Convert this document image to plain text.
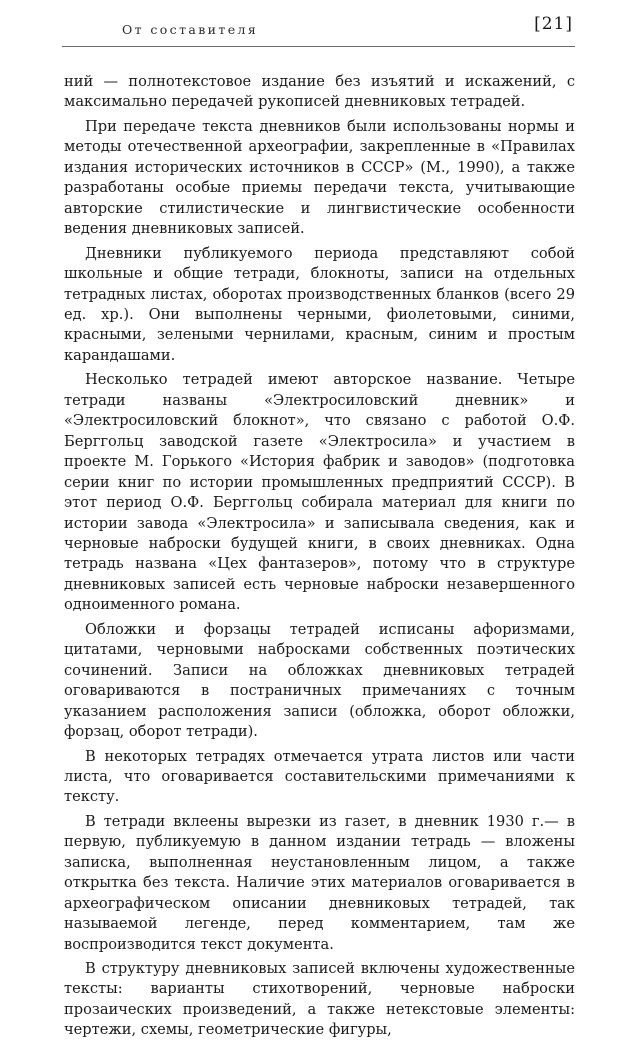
От составителя	[21]

ний — полнотекстовое издание без изъятий и искажений, с максимально передачей рукописей дневниковых тетрадей.

При передаче текста дневников были использованы нормы и методы отечественной археографии, закрепленные в «Правилах издания исторических источников в СССР» (М., 1990), а также разработаны особые приемы передачи текста, учитывающие авторские стилистические и лингвистические особенности ведения дневниковых записей.

Дневники публикуемого периода представляют собой школьные и общие тетради, блокноты, записи на отдельных тетрадных листах, оборотах производственных бланков (всего 29 ед. хр.). Они выполнены черными, фиолетовыми, синими, красными, зелеными чернилами, красным, синим и простым карандашами.

Несколько тетрадей имеют авторское название. Четыре тетради названы «Электросиловский дневник» и «Электросиловский блокнот», что связано с работой О.Ф. Берггольц заводской газете «Электросила» и участием в проекте М. Горького «История фабрик и заводов» (подготовка серии книг по истории промышленных предприятий СССР). В этот период О.Ф. Берггольц собирала материал для книги по истории завода «Электросила» и записывала сведения, как и черновые наброски будущей книги, в своих дневниках. Одна тетрадь названа «Цех фантазеров», потому что в структуре дневниковых записей есть черновые наброски незавершенного одноименного романа.

Обложки и форзацы тетрадей исписаны афоризмами, цитатами, черновыми набросками собственных поэтических сочинений. Записи на обложках дневниковых тетрадей оговариваются в постраничных примечаниях с точным указанием расположения записи (обложка, оборот обложки, форзац, оборот тетради).

В некоторых тетрадях отмечается утрата листов или части листа, что оговаривается составительскими примечаниями к тексту.

В тетради вклеены вырезки из газет, в дневник 1930 г.— в первую, публикуемую в данном издании тетрадь — вложены записка, выполненная неустановленным лицом, а также открытка без текста. Наличие этих материалов оговаривается в археографическом описании дневниковых тетрадей, так называемой легенде, перед комментарием, там же воспроизводится текст документа.

В структуру дневниковых записей включены художественные тексты: варианты стихотворений, черновые наброски прозаических произведений, а также нетекстовые элементы: чертежи, схемы, геометрические фигуры,
